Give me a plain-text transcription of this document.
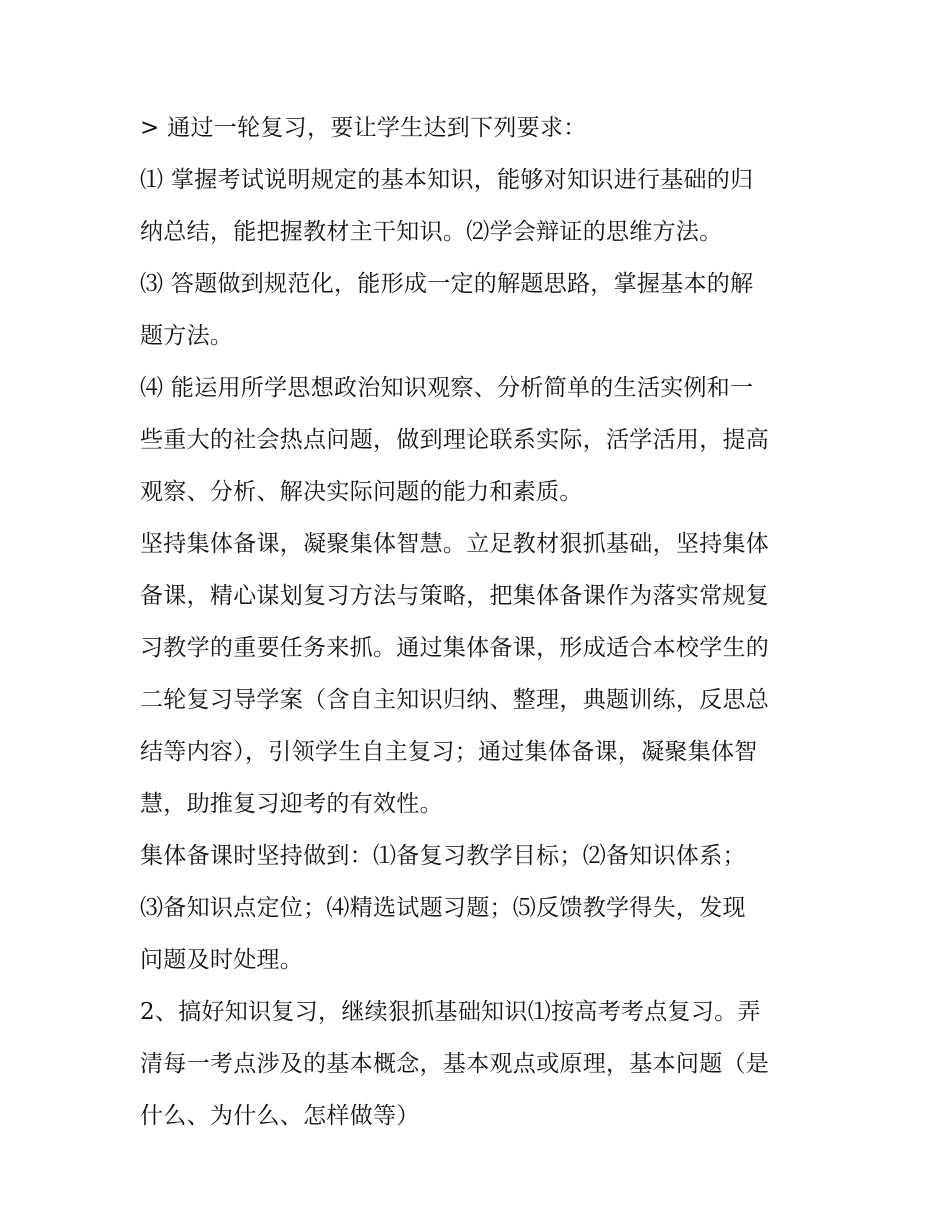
> 通过一轮复习，要让学生达到下列要求：
⑴ 掌握考试说明规定的基本知识，能够对知识进行基础的归
纳总结，能把握教材主干知识。⑵学会辩证的思维方法。
⑶ 答题做到规范化，能形成一定的解题思路，掌握基本的解
题方法。
⑷ 能运用所学思想政治知识观察、分析简单的生活实例和一
些重大的社会热点问题，做到理论联系实际，活学活用，提高
观察、分析、解决实际问题的能力和素质。
坚持集体备课，凝聚集体智慧。立足教材狠抓基础，坚持集体
备课，精心谋划复习方法与策略，把集体备课作为落实常规复
习教学的重要任务来抓。通过集体备课，形成适合本校学生的
二轮复习导学案（含自主知识归纳、整理，典题训练，反思总
结等内容），引领学生自主复习；通过集体备课，凝聚集体智
慧，助推复习迎考的有效性。
集体备课时坚持做到：⑴备复习教学目标；⑵备知识体系；
⑶备知识点定位；⑷精选试题习题；⑸反馈教学得失，发现
问题及时处理。
2、搞好知识复习，继续狠抓基础知识⑴按高考考点复习。弄
清每一考点涉及的基本概念，基本观点或原理，基本问题（是
什么、为什么、怎样做等）
